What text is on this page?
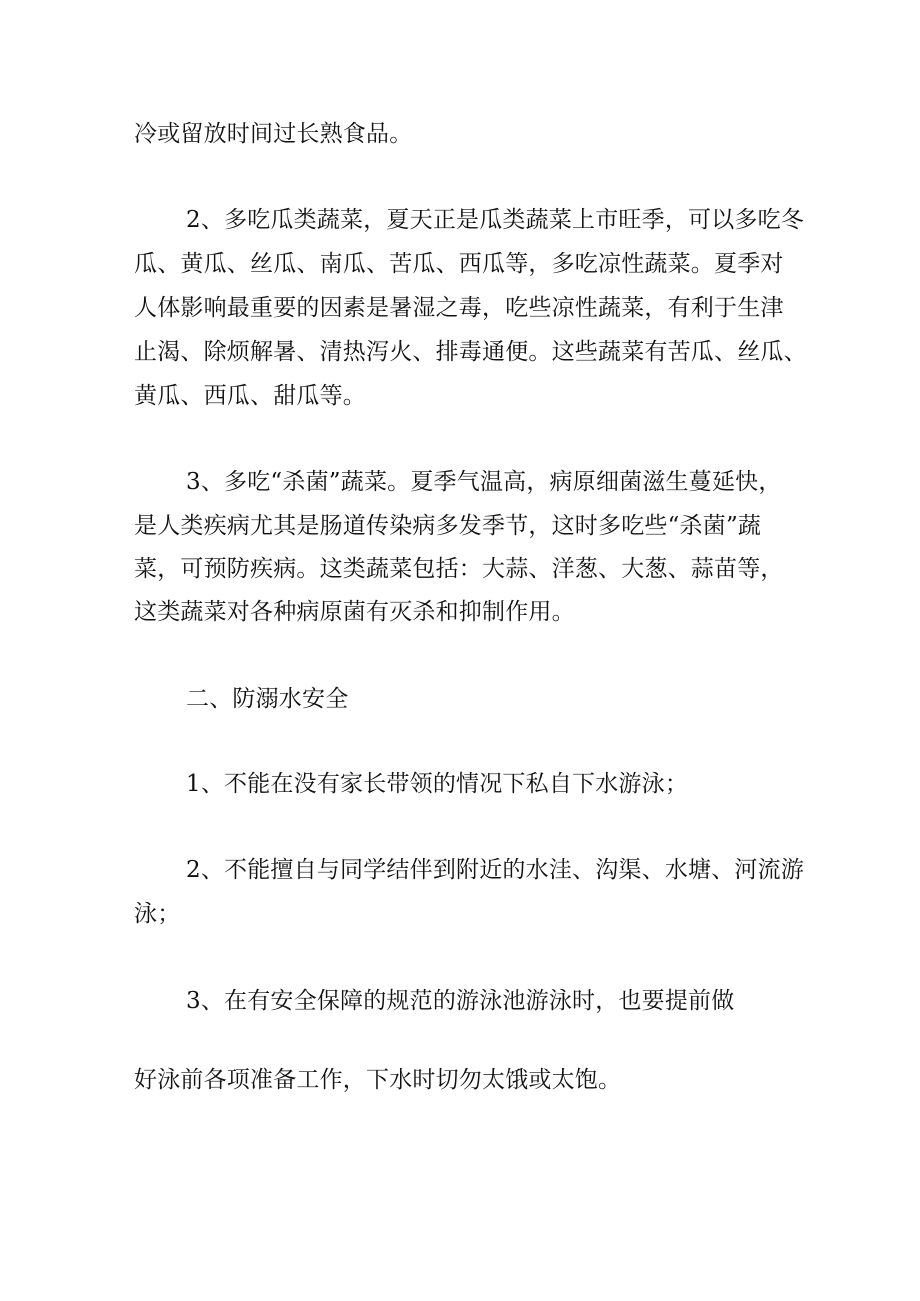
冷或留放时间过长熟食品。
2、多吃瓜类蔬菜，夏天正是瓜类蔬菜上市旺季，可以多吃冬
瓜、黄瓜、丝瓜、南瓜、苦瓜、西瓜等，多吃凉性蔬菜。夏季对
人体影响最重要的因素是暑湿之毒，吃些凉性蔬菜，有利于生津
止渴、除烦解暑、清热泻火、排毒通便。这些蔬菜有苦瓜、丝瓜、
黄瓜、西瓜、甜瓜等。
3、多吃“杀菌”蔬菜。夏季气温高，病原细菌滋生蔓延快，
是人类疾病尤其是肠道传染病多发季节，这时多吃些“杀菌”蔬
菜，可预防疾病。这类蔬菜包括：大蒜、洋葱、大葱、蒜苗等，
这类蔬菜对各种病原菌有灭杀和抑制作用。
二、防溺水安全
1、不能在没有家长带领的情况下私自下水游泳；
2、不能擅自与同学结伴到附近的水洼、沟渠、水塘、河流游
泳；
3、在有安全保障的规范的游泳池游泳时，也要提前做
好泳前各项准备工作，下水时切勿太饿或太饱。
